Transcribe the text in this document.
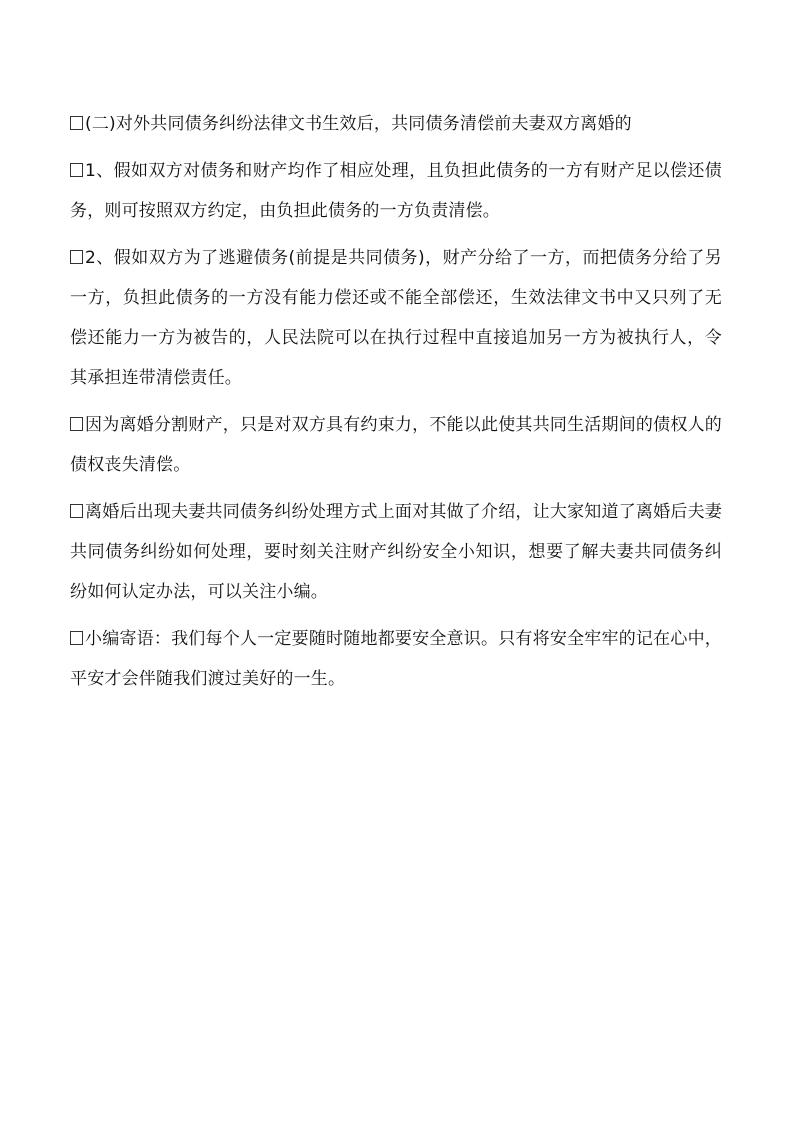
(二)对外共同债务纠纷法律文书生效后，共同债务清偿前夫妻双方离婚的

1、假如双方对债务和财产均作了相应处理，且负担此债务的一方有财产足以偿还债务，则可按照双方约定，由负担此债务的一方负责清偿。

2、假如双方为了逃避债务(前提是共同债务)，财产分给了一方，而把债务分给了另一方，负担此债务的一方没有能力偿还或不能全部偿还，生效法律文书中又只列了无偿还能力一方为被告的，人民法院可以在执行过程中直接追加另一方为被执行人，令其承担连带清偿责任。

因为离婚分割财产，只是对双方具有约束力，不能以此使其共同生活期间的债权人的债权丧失清偿。

离婚后出现夫妻共同债务纠纷处理方式上面对其做了介绍，让大家知道了离婚后夫妻共同债务纠纷如何处理，要时刻关注财产纠纷安全小知识，想要了解夫妻共同债务纠纷如何认定办法，可以关注小编。

小编寄语：我们每个人一定要随时随地都要安全意识。只有将安全牢牢的记在心中，平安才会伴随我们渡过美好的一生。
